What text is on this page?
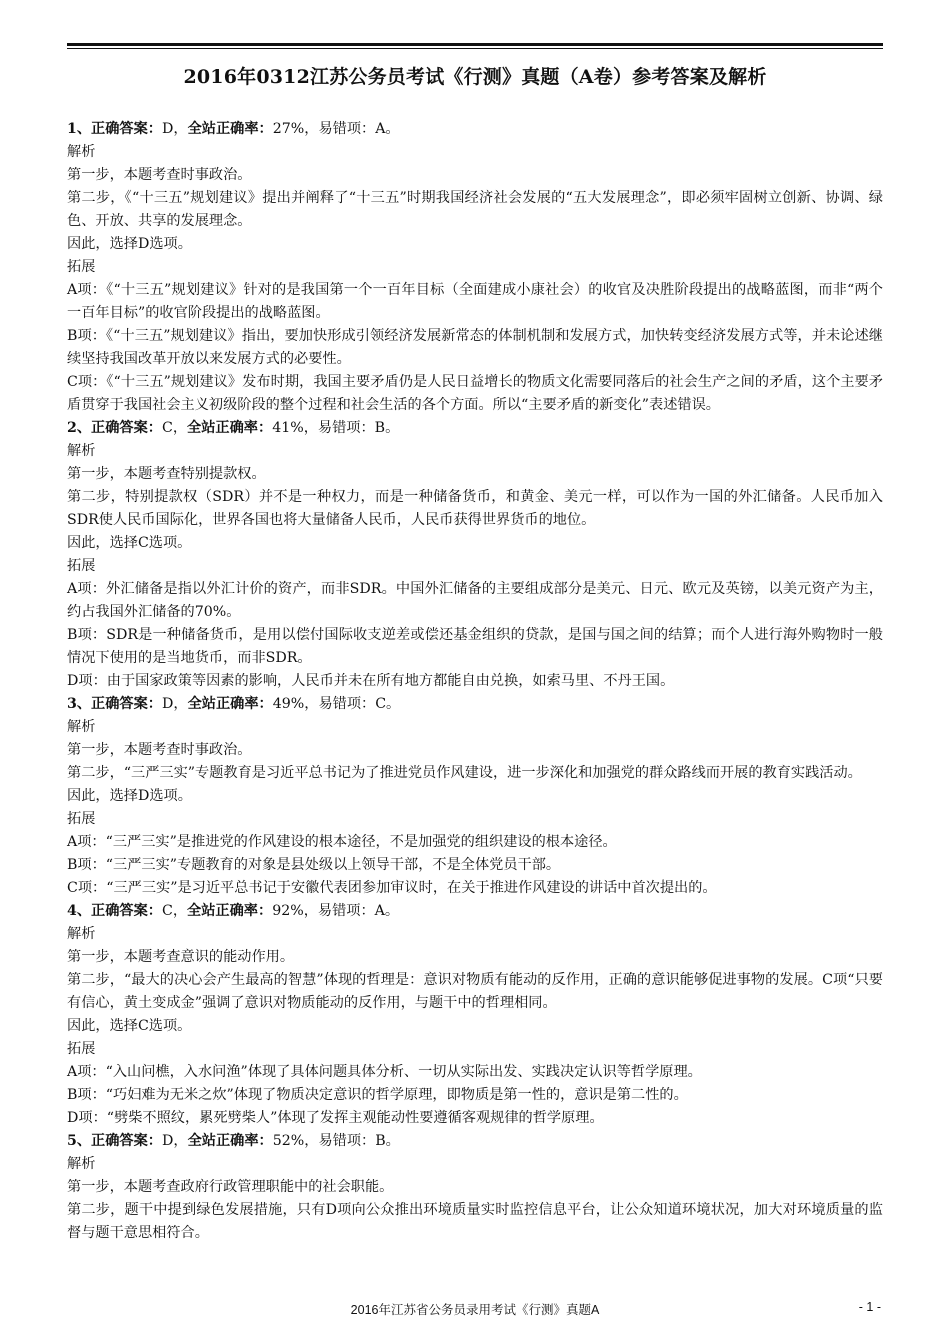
2016年0312江苏公务员考试《行测》真题（A卷）参考答案及解析

1、正确答案：D，全站正确率：27%，易错项：A。

解析

第一步，本题考查时事政治。

第二步，《“十三五”规划建议》提出并阐释了“十三五”时期我国经济社会发展的“五大发展理念”，即必须牢固树立创新、协调、绿色、开放、共享的发展理念。

因此，选择D选项。

拓展

A项：《“十三五”规划建议》针对的是我国第一个一百年目标（全面建成小康社会）的收官及决胜阶段提出的战略蓝图，而非“两个一百年目标”的收官阶段提出的战略蓝图。

B项：《“十三五”规划建议》指出，要加快形成引领经济发展新常态的体制机制和发展方式，加快转变经济发展方式等，并未论述继续坚持我国改革开放以来发展方式的必要性。

C项：《“十三五”规划建议》发布时期，我国主要矛盾仍是人民日益增长的物质文化需要同落后的社会生产之间的矛盾，这个主要矛盾贯穿于我国社会主义初级阶段的整个过程和社会生活的各个方面。所以“主要矛盾的新变化”表述错误。

2、正确答案：C，全站正确率：41%，易错项：B。

解析

第一步，本题考查特别提款权。

第二步，特别提款权（SDR）并不是一种权力，而是一种储备货币，和黄金、美元一样，可以作为一国的外汇储备。人民币加入SDR使人民币国际化，世界各国也将大量储备人民币，人民币获得世界货币的地位。

因此，选择C选项。

拓展

A项：外汇储备是指以外汇计价的资产，而非SDR。中国外汇储备的主要组成部分是美元、日元、欧元及英镑，以美元资产为主，约占我国外汇储备的70%。

B项：SDR是一种储备货币，是用以偿付国际收支逆差或偿还基金组织的贷款，是国与国之间的结算；而个人进行海外购物时一般情况下使用的是当地货币，而非SDR。

D项：由于国家政策等因素的影响，人民币并未在所有地方都能自由兑换，如索马里、不丹王国。

3、正确答案：D，全站正确率：49%，易错项：C。

解析

第一步，本题考查时事政治。

第二步，“三严三实”专题教育是习近平总书记为了推进党员作风建设，进一步深化和加强党的群众路线而开展的教育实践活动。

因此，选择D选项。

拓展

A项：“三严三实”是推进党的作风建设的根本途径，不是加强党的组织建设的根本途径。

B项：“三严三实”专题教育的对象是县处级以上领导干部，不是全体党员干部。

C项：“三严三实”是习近平总书记于安徽代表团参加审议时，在关于推进作风建设的讲话中首次提出的。

4、正确答案：C，全站正确率：92%，易错项：A。

解析

第一步，本题考查意识的能动作用。

第二步，“最大的决心会产生最高的智慧”体现的哲理是：意识对物质有能动的反作用，正确的意识能够促进事物的发展。C项“只要有信心，黄土变成金”强调了意识对物质能动的反作用，与题干中的哲理相同。

因此，选择C选项。

拓展

A项：“入山问樵，入水问渔”体现了具体问题具体分析、一切从实际出发、实践决定认识等哲学原理。

B项：“巧妇难为无米之炊”体现了物质决定意识的哲学原理，即物质是第一性的，意识是第二性的。

D项：“劈柴不照纹，累死劈柴人”体现了发挥主观能动性要遵循客观规律的哲学原理。

5、正确答案：D，全站正确率：52%，易错项：B。

解析

第一步，本题考查政府行政管理职能中的社会职能。

第二步，题干中提到绿色发展措施，只有D项向公众推出环境质量实时监控信息平台，让公众知道环境状况，加大对环境质量的监督与题干意思相符合。

2016年江苏省公务员录用考试《行测》真题A	- 1 -
